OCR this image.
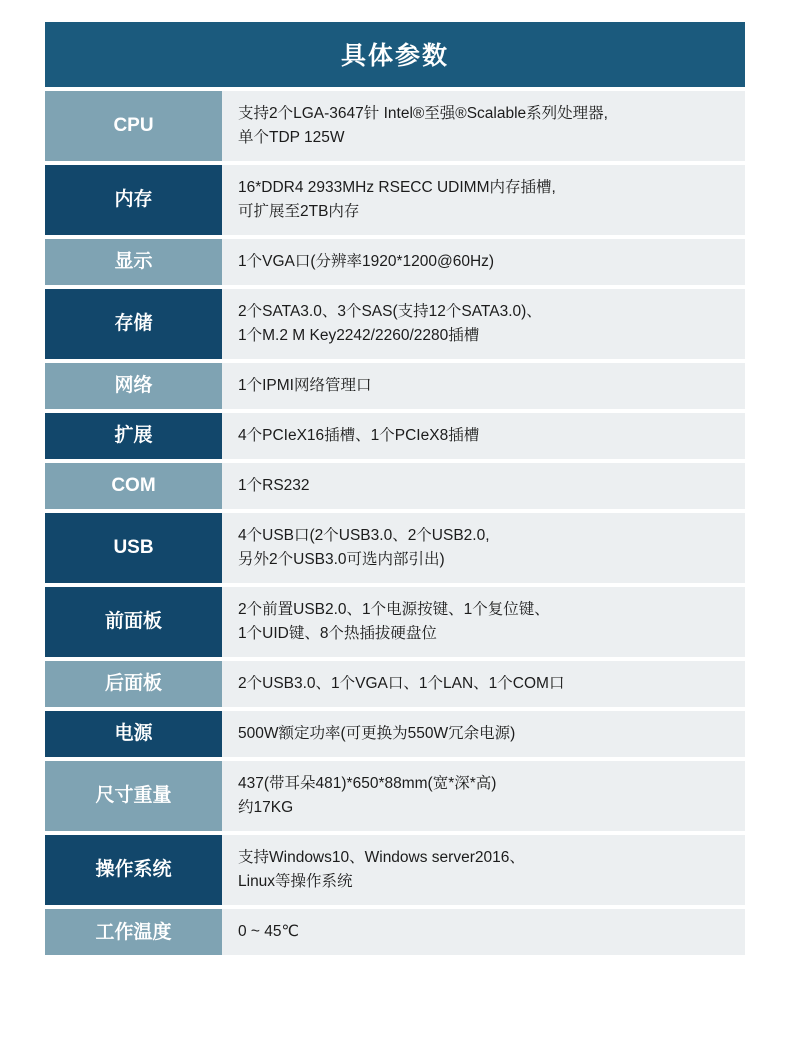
具体参数
CPU	支持2个LGA-3647针 Intel®至强®Scalable系列处理器,
单个TDP 125W

内存	16*DDR4 2933MHz RSECC UDIMM内存插槽,
可扩展至2TB内存

显示	1个VGA口(分辨率1920*1200@60Hz)

存储	2个SATA3.0、3个SAS(支持12个SATA3.0)、
1个M.2 M Key2242/2260/2280插槽

网络	1个IPMI网络管理口

扩展	4个PCIeX16插槽、1个PCIeX8插槽

COM	1个RS232

USB	4个USB口(2个USB3.0、2个USB2.0,
另外2个USB3.0可选内部引出)

前面板	2个前置USB2.0、1个电源按键、1个复位键、
1个UID键、8个热插拔硬盘位

后面板	2个USB3.0、1个VGA口、1个LAN、1个COM口

电源	500W额定功率(可更换为550W冗余电源)

尺寸重量	437(带耳朵481)*650*88mm(宽*深*高)
约17KG

操作系统	支持Windows10、Windows server2016、
Linux等操作系统

工作温度	0 ~ 45℃
